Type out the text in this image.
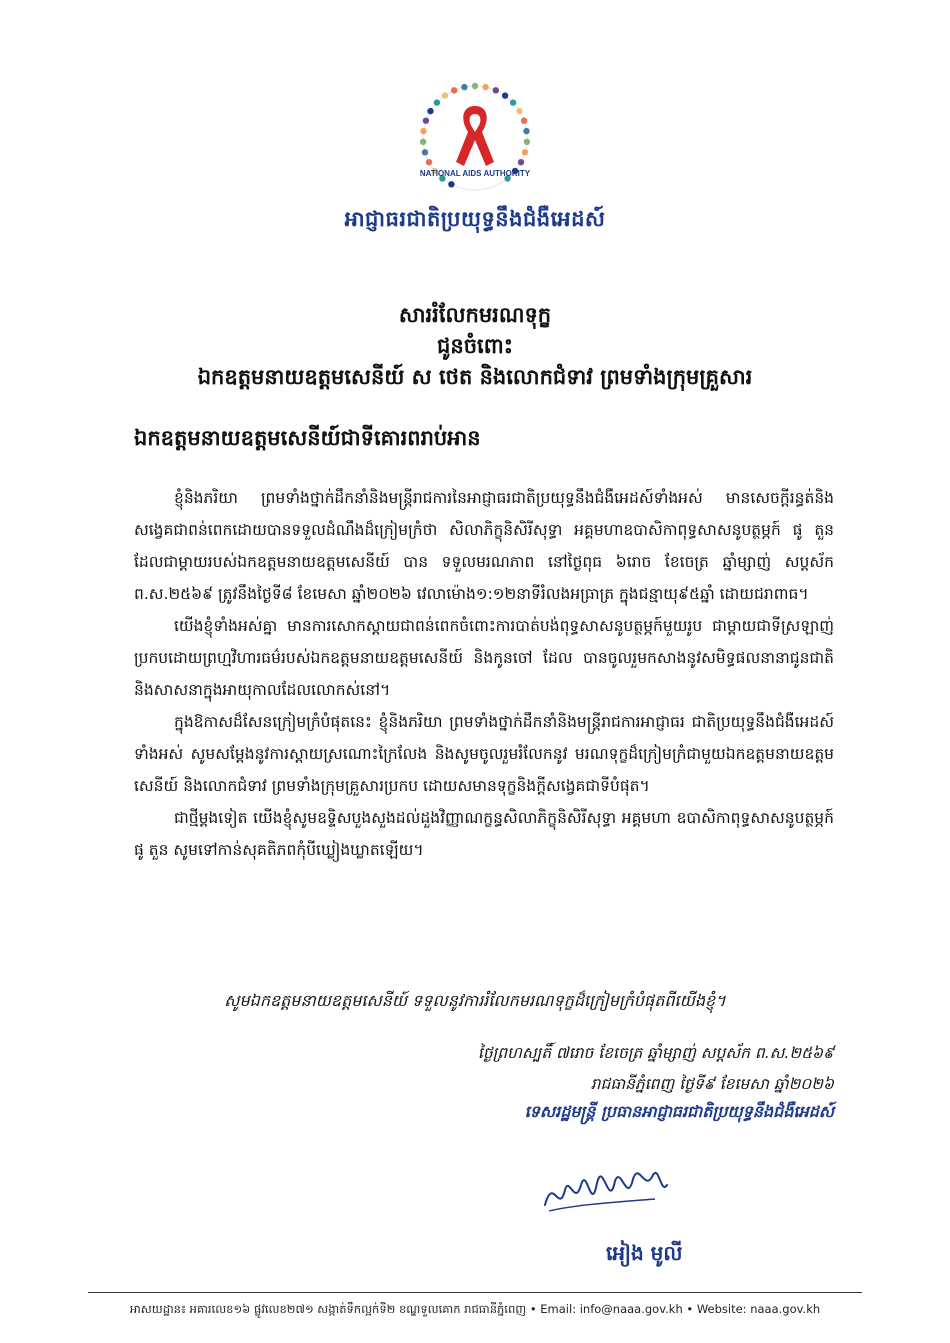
NATIONAL AIDS AUTHORITY
អាជ្ញាធរជាតិប្រយុទ្ធនឹងជំងឺអេដស៍
សាររំលែកមរណទុក្ខ
ជូនចំពោះ
ឯកឧត្តមនាយឧត្តមសេនីយ៍ ស ថេត និងលោកជំទាវ ព្រមទាំងក្រុមគ្រួសារ
ឯកឧត្តមនាយឧត្តមសេនីយ៍ជាទីគោរពរាប់អាន

ខ្ញុំនិងភរិយា ព្រមទាំងថ្នាក់ដឹកនាំនិងមន្ត្រីរាជការនៃអាជ្ញាធរជាតិប្រយុទ្ធនឹងជំងឺអេដស៍ទាំងអស់ មានសេចក្តីរន្ធត់និងសង្វេគជាពន់ពេកដោយបានទទួលដំណឹងដ៏ក្រៀមក្រំថា សិលាភិក្ខុនិសិរីសុទ្ធា អគ្គមហាឧបាសិកាពុទ្ធសាសនូបត្ថម្ភក៍ ផូ តួន ដែលជាម្តាយរបស់ឯកឧត្តមនាយឧត្តមសេនីយ៍ បាន ទទួលមរណភាព នៅថ្ងៃពុធ ៦រោច ខែចេត្រ ឆ្នាំម្សាញ់ សប្តស័ក ព.ស.២៥៦៩ ត្រូវនឹងថ្ងៃទី៨ ខែមេសា ឆ្នាំ២០២៦ វេលាម៉ោង១:១២នាទីរំលងអធ្រាត្រ ក្នុងជន្មាយុ៩៥ឆ្នាំ ដោយជរាពាធ។

យើងខ្ញុំទាំងអស់គ្នា មានការសោកស្តាយជាពន់ពេកចំពោះការបាត់បង់ពុទ្ធសាសនូបត្ថម្ភក៍មួយរូប ជាម្តាយជាទីស្រឡាញ់ប្រកបដោយព្រហ្មវិហារធម៌របស់ឯកឧត្តមនាយឧត្តមសេនីយ៍ និងកូនចៅ ដែល បានចូលរួមកសាងនូវសមិទ្ធផលនានាជូនជាតិ និងសាសនាក្នុងអាយុកាលដែលលោកស់នៅ។

ក្នុងឱកាសដ៏សែនក្រៀមក្រំបំផុតនេះ ខ្ញុំនិងភរិយា ព្រមទាំងថ្នាក់ដឹកនាំនិងមន្ត្រីរាជការអាជ្ញាធរ ជាតិប្រយុទ្ធនឹងជំងឺអេដស៍ទាំងអស់ សូមសម្តែងនូវការស្តាយស្រណោះក្រៃលែង និងសូមចូលរួមរំលែកនូវ មរណទុក្ខដ៏ក្រៀមក្រំជាមួយឯកឧត្តមនាយឧត្តមសេនីយ៍ និងលោកជំទាវ ព្រមទាំងក្រុមគ្រួសារប្រកប ដោយសមានទុក្ខនិងក្តីសង្វេគជាទីបំផុត។

ជាថ្មីម្តងទៀត យើងខ្ញុំសូមឧទ្ទិសបួងសួងដល់ដួងវិញ្ញាណក្ខន្ធសិលាភិក្ខុនិសិរីសុទ្ធា អគ្គមហា ឧបាសិកាពុទ្ធសាសនូបត្ថម្ភក៍ ផូ តួន សូមទៅកាន់សុគតិភពកុំបីឃ្លៀងឃ្លាតឡើយ។

សូមឯកឧត្តមនាយឧត្តមសេនីយ៍ ទទួលនូវការរំលែកមរណទុក្ខដ៏ក្រៀមក្រំបំផុតពីយើងខ្ញុំ។
ថ្ងៃព្រហស្បតិ៍ ៧រោច ខែចេត្រ ឆ្នាំម្សាញ់ សប្តស័ក ព.ស.២៥៦៩
រាជធានីភ្នំពេញ ថ្ងៃទី៩ ខែមេសា ឆ្នាំ២០២៦
ទេសរដ្ឋមន្ត្រី ប្រធានអាជ្ញាធរជាតិប្រយុទ្ធនឹងជំងឺអេដស៍
អៀង មូលី
អាសយដ្ឋាន៖ អគារលេខ១៦ ផ្លូវលេខ២៧១ សង្កាត់ទឹកល្អក់ទី២ ខណ្ឌទួលគោក រាជធានីភ្នំពេញ • Email: info@naaa.gov.kh • Website: naaa.gov.kh
